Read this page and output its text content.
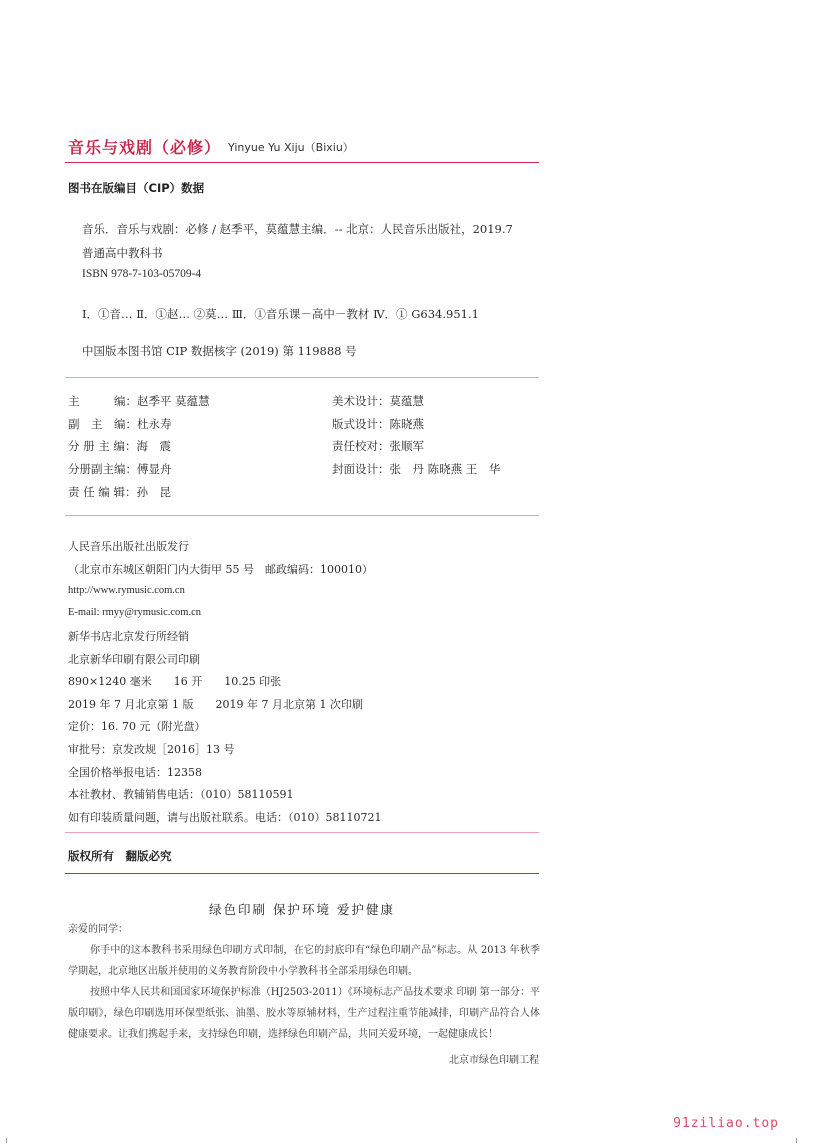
音乐与戏剧（必修） Yinyue Yu Xiju（Bixiu）
图书在版编目（CIP）数据
音乐．音乐与戏剧：必修 / 赵季平，莫蕴慧主编．-- 北京：人民音乐出版社，2019.7
普通高中教科书
ISBN 978-7-103-05709-4
Ⅰ．①音… Ⅱ．①赵… ②莫… Ⅲ．①音乐课－高中－教材 Ⅳ．① G634.951.1
中国版本图书馆 CIP 数据核字 (2019) 第 119888 号
主　　　编：赵季平 莫蕴慧
副　主　编：杜永寿
分 册 主 编：海　震
分册副主编：傅显舟
责 任 编 辑：孙　昆
美术设计：莫蕴慧
版式设计：陈晓燕
责任校对：张顺军
封面设计：张　丹 陈晓燕 王　华
人民音乐出版社出版发行
（北京市东城区朝阳门内大街甲 55 号　邮政编码：100010）
http://www.rymusic.com.cn
E-mail: rmyy@rymusic.com.cn
新华书店北京发行所经销
北京新华印刷有限公司印刷
890×1240 毫米　　16 开　　10.25 印张
2019 年 7 月北京第 1 版　　2019 年 7 月北京第 1 次印刷
定价：16. 70 元（附光盘）
审批号：京发改规［2016］13 号
全国价格举报电话：12358
本社教材、教辅销售电话：（010）58110591
如有印装质量问题，请与出版社联系。电话：（010）58110721
版权所有　翻版必究
绿色印刷 保护环境 爱护健康
亲爱的同学：
你手中的这本教科书采用绿色印刷方式印制，在它的封底印有“绿色印刷产品”标志。从 2013 年秋季学期起，北京地区出版并使用的义务教育阶段中小学教科书全部采用绿色印刷。
按照中华人民共和国国家环境保护标准（HJ2503-2011）《环境标志产品技术要求 印刷 第一部分：平版印刷》，绿色印刷选用环保型纸张、油墨、胶水等原辅材料，生产过程注重节能减排，印刷产品符合人体健康要求。让我们携起手来，支持绿色印刷，选择绿色印刷产品，共同关爱环境，一起健康成长！
北京市绿色印刷工程
91ziliao.top
